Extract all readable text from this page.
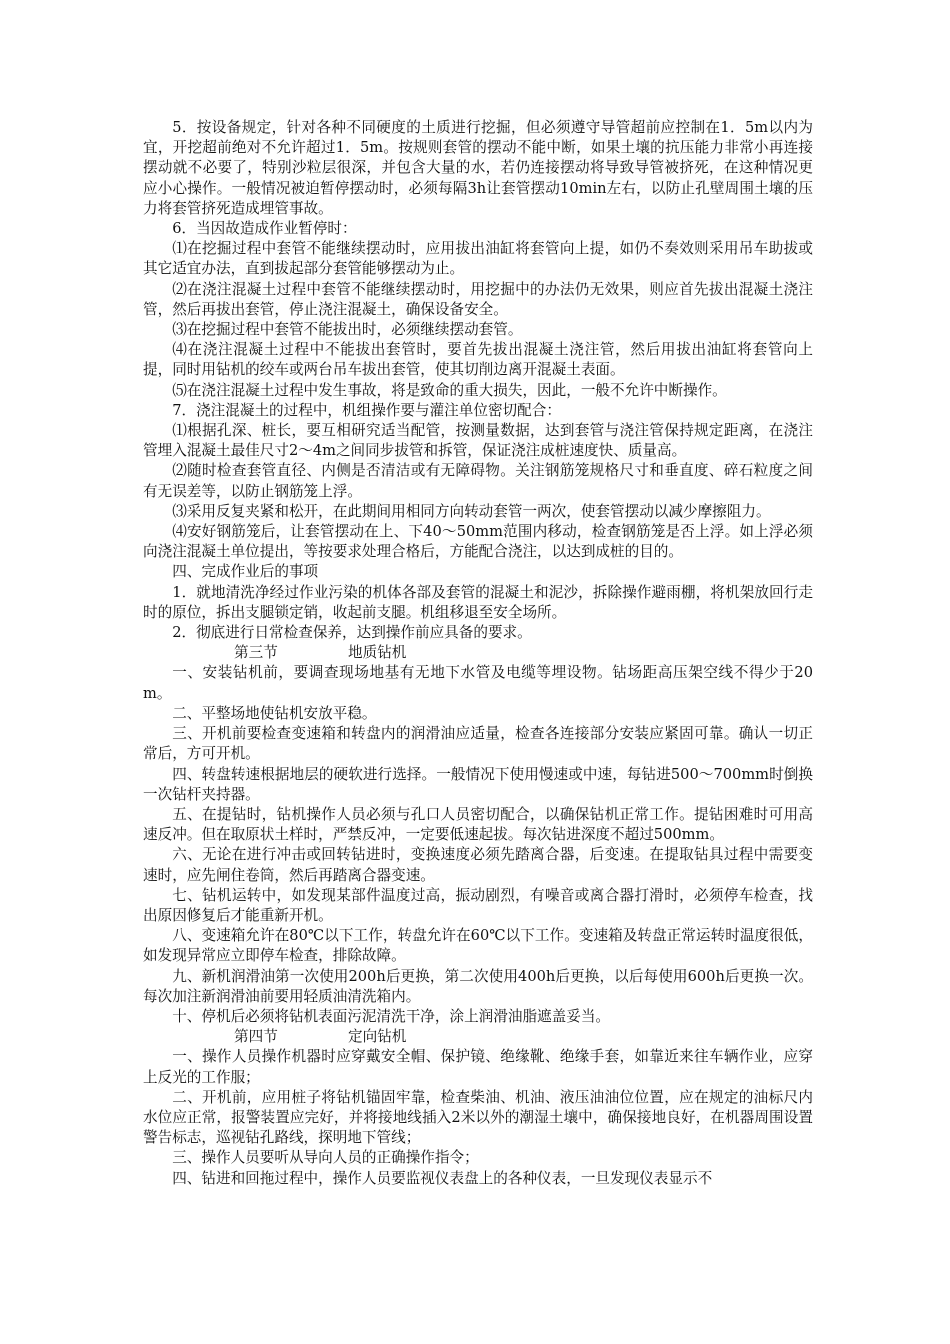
5．按设备规定，针对各种不同硬度的土质进行挖掘，但必须遵守导管超前应控制在1．5m以内为宜，开挖超前绝对不允许超过1．5m。按规则套管的摆动不能中断，如果土壤的抗压能力非常小再连接摆动就不必要了，特别沙粒层很深，并包含大量的水，若仍连接摆动将导致导管被挤死，在这种情况更应小心操作。一般情况被迫暂停摆动时，必须每隔3h让套管摆动10min左右，以防止孔壁周围土壤的压力将套管挤死造成埋管事故。

6．当因故造成作业暂停时：

⑴在挖掘过程中套管不能继续摆动时，应用拔出油缸将套管向上提，如仍不奏效则采用吊车助拔或其它适宜办法，直到拔起部分套管能够摆动为止。

⑵在浇注混凝土过程中套管不能继续摆动时，用挖掘中的办法仍无效果，则应首先拔出混凝土浇注管，然后再拔出套管，停止浇注混凝土，确保设备安全。

⑶在挖掘过程中套管不能拔出时，必须继续摆动套管。

⑷在浇注混凝土过程中不能拔出套管时，要首先拔出混凝土浇注管，然后用拔出油缸将套管向上提，同时用钻机的绞车或两台吊车拔出套管，使其切削边离开混凝土表面。

⑸在浇注混凝土过程中发生事故，将是致命的重大损失，因此，一般不允许中断操作。

7．浇注混凝土的过程中，机组操作要与灌注单位密切配合：

⑴根据孔深、桩长，要互相研究适当配管，按测量数据，达到套管与浇注管保持规定距离，在浇注管埋入混凝土最佳尺寸2～4m之间同步拔管和拆管，保证浇注成桩速度快、质量高。

⑵随时检查套管直径、内侧是否清洁或有无障碍物。关注钢筋笼规格尺寸和垂直度、碎石粒度之间有无误差等，以防止钢筋笼上浮。

⑶采用反复夹紧和松开，在此期间用相同方向转动套管一两次，使套管摆动以减少摩擦阻力。

⑷安好钢筋笼后，让套管摆动在上、下40～50mm范围内移动，检查钢筋笼是否上浮。如上浮必须向浇注混凝土单位提出，等按要求处理合格后，方能配合浇注，以达到成桩的目的。

四、完成作业后的事项

1．就地清洗净经过作业污染的机体各部及套管的混凝土和泥沙，拆除操作避雨棚，将机架放回行走时的原位，拆出支腿锁定销，收起前支腿。机组移退至安全场所。

2．彻底进行日常检查保养，达到操作前应具备的要求。

第三节	地质钻机

一、安装钻机前，要调查现场地基有无地下水管及电缆等埋设物。钻场距高压架空线不得少于20m。

二、平整场地使钻机安放平稳。

三、开机前要检查变速箱和转盘内的润滑油应适量，检查各连接部分安装应紧固可靠。确认一切正常后，方可开机。

四、转盘转速根据地层的硬软进行选择。一般情况下使用慢速或中速，每钻进500～700mm时倒换一次钻杆夹持器。

五、在提钻时，钻机操作人员必须与孔口人员密切配合，以确保钻机正常工作。提钻困难时可用高速反冲。但在取原状土样时，严禁反冲，一定要低速起拔。每次钻进深度不超过500mm。

六、无论在进行冲击或回转钻进时，变换速度必须先踏离合器，后变速。在提取钻具过程中需要变速时，应先闸住卷筒，然后再踏离合器变速。

七、钻机运转中，如发现某部件温度过高，振动剧烈，有噪音或离合器打滑时，必须停车检查，找出原因修复后才能重新开机。

八、变速箱允许在80℃以下工作，转盘允许在60℃以下工作。变速箱及转盘正常运转时温度很低，如发现异常应立即停车检查，排除故障。

九、新机润滑油第一次使用200h后更换，第二次使用400h后更换，以后每使用600h后更换一次。每次加注新润滑油前要用轻质油清洗箱内。

十、停机后必须将钻机表面污泥清洗干净，涂上润滑油脂遮盖妥当。

第四节	定向钻机

一、操作人员操作机器时应穿戴安全帽、保护镜、绝缘靴、绝缘手套，如靠近来往车辆作业，应穿上反光的工作服；

二、开机前，应用桩子将钻机锚固牢靠，检查柴油、机油、液压油油位位置，应在规定的油标尺内水位应正常，报警装置应完好，并将接地线插入2米以外的潮湿土壤中，确保接地良好，在机器周围设置警告标志，巡视钻孔路线，探明地下管线；

三、操作人员要听从导向人员的正确操作指令；

四、钻进和回拖过程中，操作人员要监视仪表盘上的各种仪表，一旦发现仪表显示不
